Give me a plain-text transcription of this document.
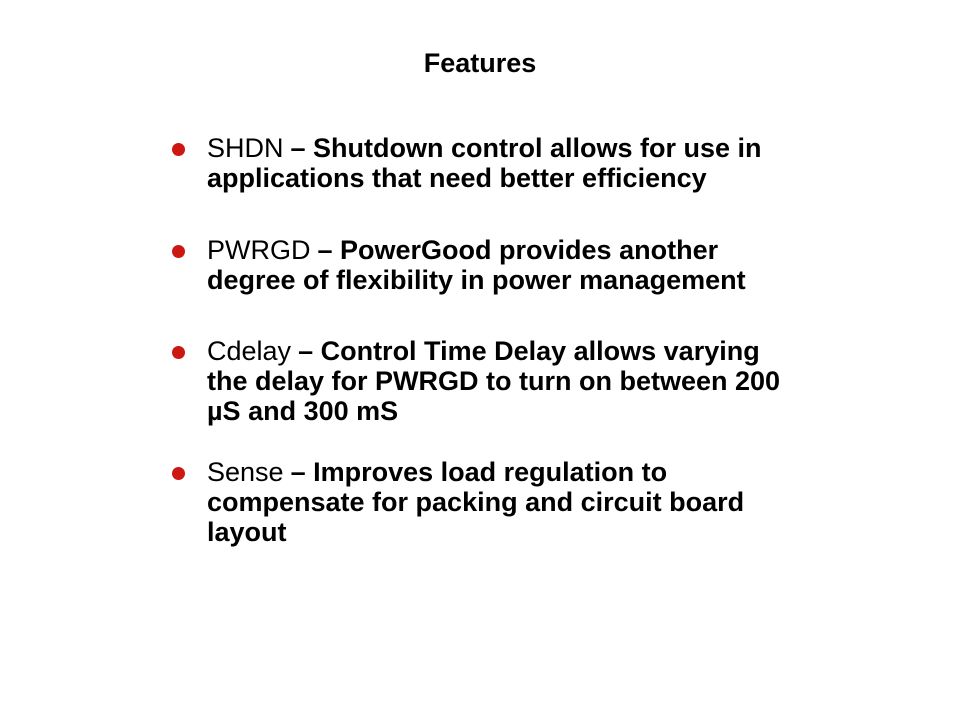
Features
SHDN – Shutdown control allows for use in applications that need better efficiency
PWRGD – PowerGood provides another degree of flexibility in power management
Cdelay – Control Time Delay allows varying the delay for PWRGD to turn on between 200 µS and 300 mS
Sense – Improves load regulation to compensate for packing and circuit board layout
